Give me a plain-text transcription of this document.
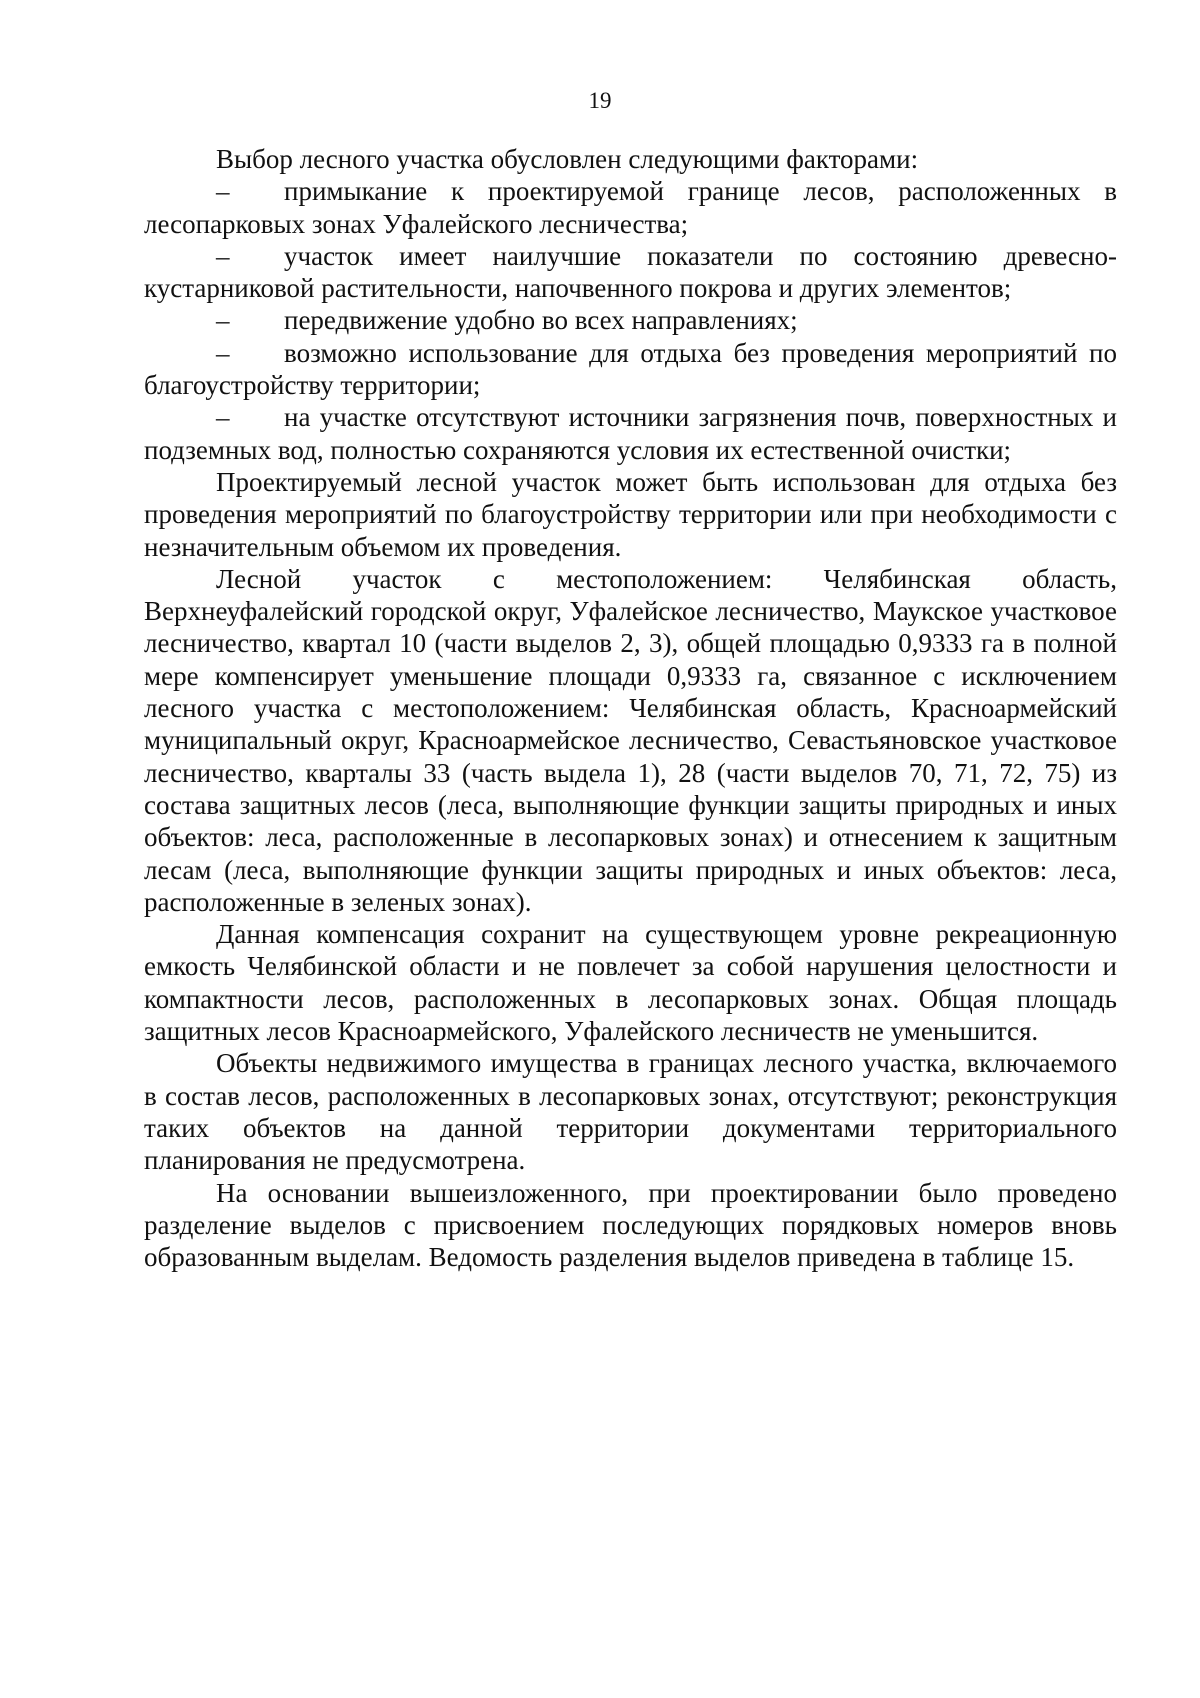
19

Выбор лесного участка обусловлен следующими факторами:

– примыкание к проектируемой границе лесов, расположенных в лесопарковых зонах Уфалейского лесничества;

– участок имеет наилучшие показатели по состоянию древесно-кустарниковой растительности, напочвенного покрова и других элементов;

– передвижение удобно во всех направлениях;

– возможно использование для отдыха без проведения мероприятий по благоустройству территории;

– на участке отсутствуют источники загрязнения почв, поверхностных и подземных вод, полностью сохраняются условия их естественной очистки;

Проектируемый лесной участок может быть использован для отдыха без проведения мероприятий по благоустройству территории или при необходимости с незначительным объемом их проведения.

Лесной участок с местоположением: Челябинская область, Верхнеуфалейский городской округ, Уфалейское лесничество, Маукское участковое лесничество, квартал 10 (части выделов 2, 3), общей площадью 0,9333 га в полной мере компенсирует уменьшение площади 0,9333 га, связанное с исключением лесного участка с местоположением: Челябинская область, Красноармейский муниципальный округ, Красноармейское лесничество, Севастьяновское участковое лесничество, кварталы 33 (часть выдела 1), 28 (части выделов 70, 71, 72, 75) из состава защитных лесов (леса, выполняющие функции защиты природных и иных объектов: леса, расположенные в лесопарковых зонах) и отнесением к защитным лесам (леса, выполняющие функции защиты природных и иных объектов: леса, расположенные в зеленых зонах).

Данная компенсация сохранит на существующем уровне рекреационную емкость Челябинской области и не повлечет за собой нарушения целостности и компактности лесов, расположенных в лесопарковых зонах. Общая площадь защитных лесов Красноармейского, Уфалейского лесничеств не уменьшится.

Объекты недвижимого имущества в границах лесного участка, включаемого в состав лесов, расположенных в лесопарковых зонах, отсутствуют; реконструкция таких объектов на данной территории документами территориального планирования не предусмотрена.

На основании вышеизложенного, при проектировании было проведено разделение выделов с присвоением последующих порядковых номеров вновь образованным выделам. Ведомость разделения выделов приведена в таблице 15.
